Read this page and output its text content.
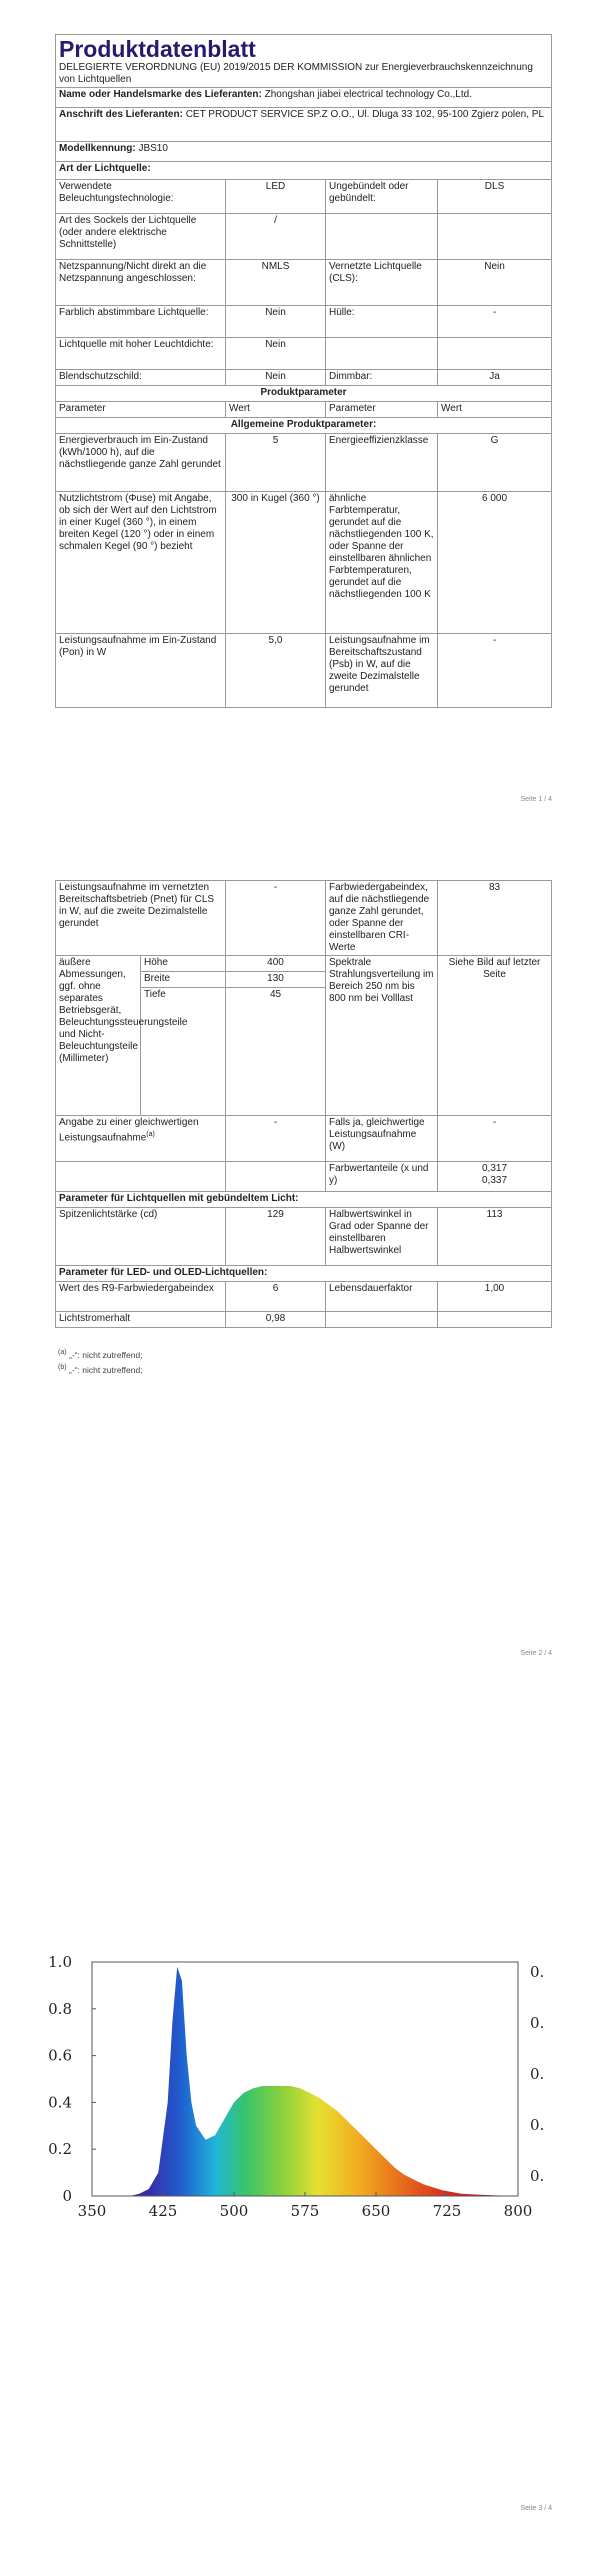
Produktdatenblatt
DELEGIERTE VERORDNUNG (EU) 2019/2015 DER KOMMISSION zur Energieverbrauchskennzeichnung von Lichtquellen			

Name oder Handelsmarke des Lieferanten: Zhongshan jiabei electrical technology Co.,Ltd.			
Anschrift des Lieferanten: CET PRODUCT SERVICE SP.Z O.O., Ul. Dluga 33 102, 95-100 Zgierz polen, PL			
Modellkennung: JBS10			
Art der Lichtquelle:			
Verwendete Beleuchtungstechnologie:	LED	Ungebündelt oder gebündelt:	DLS
Art des Sockels der Lichtquelle (oder andere elektrische Schnittstelle)	/		
Netzspannung/Nicht direkt an die Netzspannung angeschlossen:	NMLS	Vernetzte Lichtquelle (CLS):	Nein
Farblich abstimmbare Lichtquelle:	Nein	Hülle:	-
Lichtquelle mit hoher Leuchtdichte:	Nein		
Blendschutzschild:	Nein	Dimmbar:	Ja
Produktparameter			
Parameter	Wert	Parameter	Wert
Allgemeine Produktparameter:			
Energieverbrauch im Ein-Zustand (kWh/1000 h), auf die nächstliegende ganze Zahl gerundet	5	Energieeffizienzklasse	G
Nutzlichtstrom (Φuse) mit Angabe, ob sich der Wert auf den Lichtstrom in einer Kugel (360 °), in einem breiten Kegel (120 °) oder in einem schmalen Kegel (90 °) bezieht	300 in Kugel (360 °)	ähnliche Farbtemperatur, gerundet auf die nächstliegenden 100 K, oder Spanne der einstellbaren ähnlichen Farbtemperaturen, gerundet auf die nächstliegenden 100 K	6 000
Leistungsaufnahme im Ein-Zustand (Pon) in W	5,0	Leistungsaufnahme im Bereitschaftszustand (Psb) in W, auf die zweite Dezimalstelle gerundet	-
Seite 1 / 4
Leistungsaufnahme im vernetzten Bereitschaftsbetrieb (Pnet) für CLS in W, auf die zweite Dezimalstelle gerundet		-	Farbwiedergabeindex, auf die nächstliegende ganze Zahl gerundet, oder Spanne der einstellbaren CRI-Werte	83
äußere Abmessungen, ggf. ohne separates Betriebsgerät, Beleuchtungssteuerungsteile und Nicht-Beleuchtungsteile (Millimeter)	Höhe	400	Spektrale Strahlungsverteilung im Bereich 250 nm bis 800 nm bei Volllast	Siehe Bild auf letzter Seite
	Breite	130		
	Tiefe	45		
Angabe zu einer gleichwertigen Leistungsaufnahme$^{(a)}$		-	Falls ja, gleichwertige Leistungsaufnahme (W)	-
			Farbwertanteile (x und y)	0,317
0,337
Parameter für Lichtquellen mit gebündeltem Licht:				
Spitzenlichtstärke (cd)		129	Halbwertswinkel in Grad oder Spanne der einstellbaren Halbwertswinkel	113
Parameter für LED- und OLED-Lichtquellen:				
Wert des R9-Farbwiedergabeindex		6	Lebensdauerfaktor	1,00
Lichtstromerhalt		0,98		
$^{(a)}$ „-“: nicht zutreffend;
$^{(b)}$ „-“: nicht zutreffend;
Seite 2 / 4
350	425	500	575	650	725	800
0
0.2
0.4
0.6
0.8
1.0
0.
0.
0.
0.
0.
Seite 3 / 4
